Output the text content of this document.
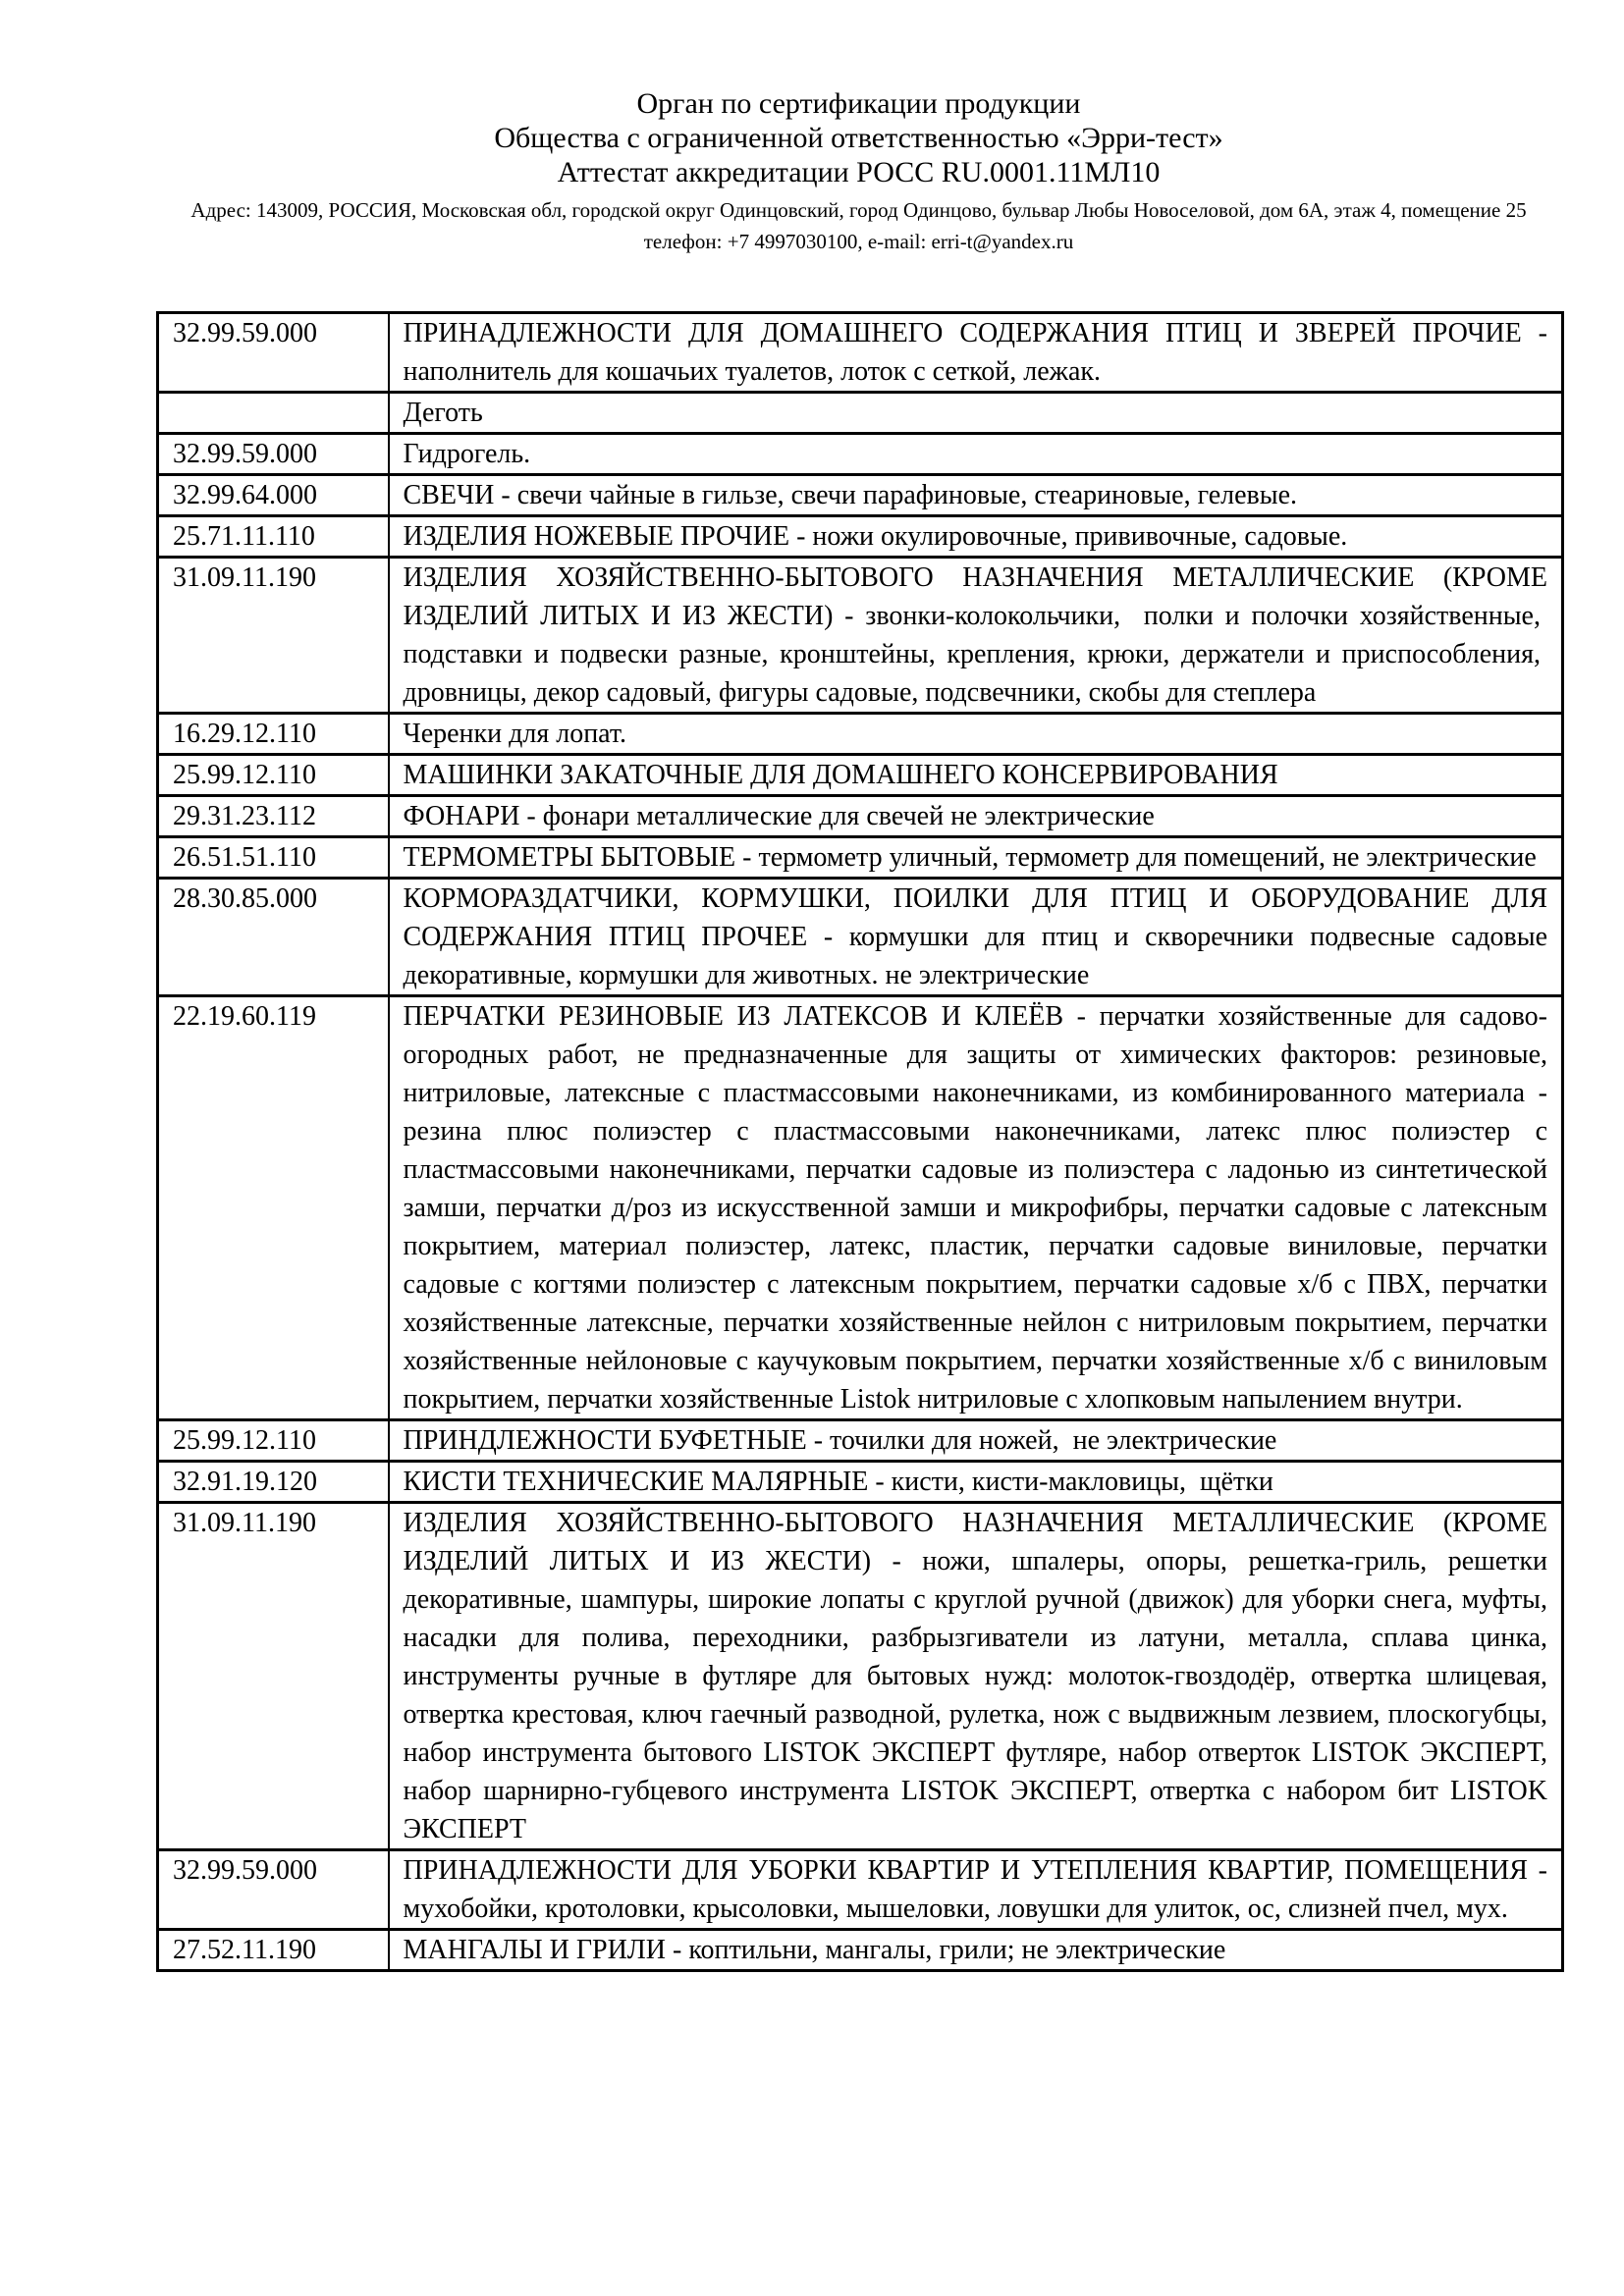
Орган по сертификации продукции
Общества с ограниченной ответственностью «Эрри-тест»
Аттестат аккредитации РОСС RU.0001.11МЛ10
Адрес: 143009, РОССИЯ, Московская обл, городской округ Одинцовский, город Одинцово, бульвар Любы Новоселовой, дом 6А, этаж 4, помещение 25
телефон: +7 4997030100, e-mail: erri-t@yandex.ru
32.99.59.000	ПРИНАДЛЕЖНОСТИ ДЛЯ ДОМАШНЕГО СОДЕРЖАНИЯ ПТИЦ И ЗВЕРЕЙ ПРОЧИЕ - наполнитель для кошачьих туалетов, лоток с сеткой, лежак.
	Деготь
32.99.59.000	Гидрогель.
32.99.64.000	СВЕЧИ - свечи чайные в гильзе, свечи парафиновые, стеариновые, гелевые.
25.71.11.110	ИЗДЕЛИЯ НОЖЕВЫЕ ПРОЧИЕ - ножи окулировочные, прививочные, садовые.
31.09.11.190	ИЗДЕЛИЯ ХОЗЯЙСТВЕННО-БЫТОВОГО НАЗНАЧЕНИЯ МЕТАЛЛИЧЕСКИЕ (КРОМЕ ИЗДЕЛИЙ ЛИТЫХ И ИЗ ЖЕСТИ) - звонки-колокольчики,  полки и полочки хозяйственные,  подставки и подвески разные, кронштейны, крепления, крюки, держатели и приспособления,  дровницы, декор садовый, фигуры садовые, подсвечники, скобы для степлера
16.29.12.110	Черенки для лопат.
25.99.12.110	МАШИНКИ ЗАКАТОЧНЫЕ ДЛЯ ДОМАШНЕГО КОНСЕРВИРОВАНИЯ
29.31.23.112	ФОНАРИ - фонари металлические для свечей не электрические
26.51.51.110	ТЕРМОМЕТРЫ БЫТОВЫЕ - термометр уличный, термометр для помещений, не электрические
28.30.85.000	КОРМОРАЗДАТЧИКИ, КОРМУШКИ, ПОИЛКИ ДЛЯ ПТИЦ И ОБОРУДОВАНИЕ ДЛЯ СОДЕРЖАНИЯ ПТИЦ ПРОЧЕЕ - кормушки для птиц и скворечники подвесные садовые декоративные, кормушки для животных. не электрические
22.19.60.119	ПЕРЧАТКИ РЕЗИНОВЫЕ ИЗ ЛАТЕКСОВ И КЛЕЁВ - перчатки хозяйственные для садово-огородных работ, не предназначенные для защиты от химических факторов: резиновые, нитриловые, латексные с пластмассовыми наконечниками, из комбинированного материала - резина плюс полиэстер с пластмассовыми наконечниками, латекс плюс полиэстер с пластмассовыми наконечниками, перчатки садовые из полиэстера с ладонью из синтетической замши, перчатки д/роз из искусственной замши и микрофибры, перчатки садовые с латексным покрытием, материал полиэстер, латекс, пластик, перчатки садовые виниловые, перчатки садовые с когтями полиэстер с латексным покрытием, перчатки садовые х/б с ПВХ, перчатки хозяйственные латексные, перчатки хозяйственные нейлон с нитриловым покрытием, перчатки хозяйственные нейлоновые с каучуковым покрытием, перчатки хозяйственные х/б с виниловым покрытием, перчатки хозяйственные Listok нитриловые с хлопковым напылением внутри.
25.99.12.110	ПРИНДЛЕЖНОСТИ БУФЕТНЫЕ - точилки для ножей,  не электрические
32.91.19.120	КИСТИ ТЕХНИЧЕСКИЕ МАЛЯРНЫЕ - кисти, кисти-макловицы,  щётки
31.09.11.190	ИЗДЕЛИЯ ХОЗЯЙСТВЕННО-БЫТОВОГО НАЗНАЧЕНИЯ МЕТАЛЛИЧЕСКИЕ (КРОМЕ ИЗДЕЛИЙ ЛИТЫХ И ИЗ ЖЕСТИ) - ножи, шпалеры, опоры, решетка-гриль, решетки декоративные, шампуры, широкие лопаты с круглой ручной (движок) для уборки снега, муфты, насадки для полива, переходники, разбрызгиватели из латуни, металла, сплава цинка, инструменты ручные в футляре для бытовых нужд: молоток-гвоздодёр, отвертка шлицевая, отвертка крестовая, ключ гаечный разводной, рулетка, нож с выдвижным лезвием, плоскогубцы, набор инструмента бытового LISTOK ЭКСПЕРТ футляре, набор отверток LISTOK ЭКСПЕРТ, набор шарнирно-губцевого инструмента LISTOK ЭКСПЕРТ, отвертка с набором бит LISTOK ЭКСПЕРТ
32.99.59.000	ПРИНАДЛЕЖНОСТИ ДЛЯ УБОРКИ КВАРТИР И УТЕПЛЕНИЯ КВАРТИР, ПОМЕЩЕНИЯ - мухобойки, кротоловки, крысоловки, мышеловки, ловушки для улиток, ос, слизней пчел, мух.
27.52.11.190	МАНГАЛЫ И ГРИЛИ - коптильни, мангалы, грили; не электрические
